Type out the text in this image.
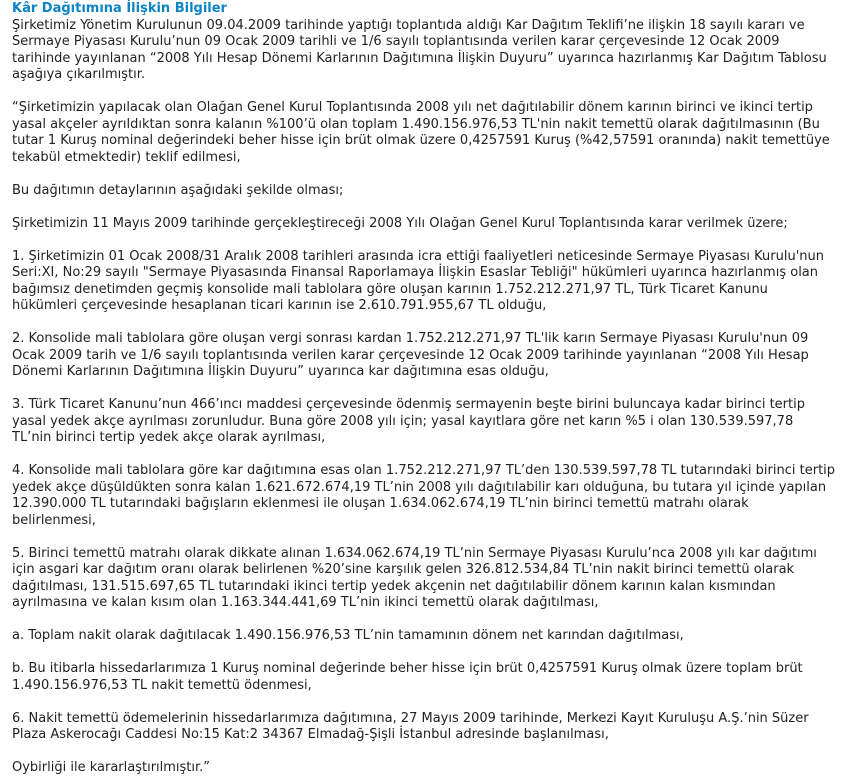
Kâr Dağıtımına İlişkin Bilgiler

Şirketimiz Yönetim Kurulunun 09.04.2009 tarihinde yaptığı toplantıda aldığı Kar Dağıtım Teklifi’ne ilişkin 18 sayılı kararı ve Sermaye Piyasası Kurulu’nun 09 Ocak 2009 tarihli ve 1/6 sayılı toplantısında verilen karar çerçevesinde 12 Ocak 2009 tarihinde yayınlanan “2008 Yılı Hesap Dönemi Karlarının Dağıtımına İlişkin Duyuru” uyarınca hazırlanmış Kar Dağıtım Tablosu aşağıya çıkarılmıştır.

“Şirketimizin yapılacak olan Olağan Genel Kurul Toplantısında 2008 yılı net dağıtılabilir dönem karının birinci ve ikinci tertip yasal akçeler ayrıldıktan sonra kalanın %100’ü olan toplam 1.490.156.976,53 TL'nin nakit temettü olarak dağıtılmasının (Bu tutar 1 Kuruş nominal değerindeki beher hisse için brüt olmak üzere 0,4257591 Kuruş (%42,57591 oranında) nakit temettüye tekabül etmektedir) teklif edilmesi,

Bu dağıtımın detaylarının aşağıdaki şekilde olması;

Şirketimizin 11 Mayıs 2009 tarihinde gerçekleştireceği 2008 Yılı Olağan Genel Kurul Toplantısında karar verilmek üzere;

1. Şirketimizin 01 Ocak 2008/31 Aralık 2008 tarihleri arasında icra ettiği faaliyetleri neticesinde Sermaye Piyasası Kurulu'nun Seri:XI, No:29 sayılı "Sermaye Piyasasında Finansal Raporlamaya İlişkin Esaslar Tebliği" hükümleri uyarınca hazırlanmış olan bağımsız denetimden geçmiş konsolide mali tablolara göre oluşan karının 1.752.212.271,97 TL, Türk Ticaret Kanunu hükümleri çerçevesinde hesaplanan ticari karının ise 2.610.791.955,67 TL olduğu,

2. Konsolide mali tablolara göre oluşan vergi sonrası kardan 1.752.212.271,97 TL'lik karın Sermaye Piyasası Kurulu'nun 09 Ocak 2009 tarih ve 1/6 sayılı toplantısında verilen karar çerçevesinde 12 Ocak 2009 tarihinde yayınlanan “2008 Yılı Hesap Dönemi Karlarının Dağıtımına İlişkin Duyuru” uyarınca kar dağıtımına esas olduğu,

3. Türk Ticaret Kanunu’nun 466’ıncı maddesi çerçevesinde ödenmiş sermayenin beşte birini buluncaya kadar birinci tertip yasal yedek akçe ayrılması zorunludur. Buna göre 2008 yılı için; yasal kayıtlara göre net karın %5 i olan 130.539.597,78 TL’nin birinci tertip yedek akçe olarak ayrılması,

4. Konsolide mali tablolara göre kar dağıtımına esas olan 1.752.212.271,97 TL’den 130.539.597,78 TL tutarındaki birinci tertip yedek akçe düşüldükten sonra kalan 1.621.672.674,19 TL’nin 2008 yılı dağıtılabilir karı olduğuna, bu tutara yıl içinde yapılan 12.390.000 TL tutarındaki bağışların eklenmesi ile oluşan 1.634.062.674,19 TL’nin birinci temettü matrahı olarak belirlenmesi,

5. Birinci temettü matrahı olarak dikkate alınan 1.634.062.674,19 TL’nin Sermaye Piyasası Kurulu’nca 2008 yılı kar dağıtımı için asgari kar dağıtım oranı olarak belirlenen %20’sine karşılık gelen 326.812.534,84 TL’nin nakit birinci temettü olarak dağıtılması, 131.515.697,65 TL tutarındaki ikinci tertip yedek akçenin net dağıtılabilir dönem karının kalan kısmından ayrılmasına ve kalan kısım olan 1.163.344.441,69 TL’nin ikinci temettü olarak dağıtılması,

a. Toplam nakit olarak dağıtılacak 1.490.156.976,53 TL’nin tamamının dönem net karından dağıtılması,

b. Bu itibarla hissedarlarımıza 1 Kuruş nominal değerinde beher hisse için brüt 0,4257591 Kuruş olmak üzere toplam brüt 1.490.156.976,53 TL nakit temettü ödenmesi,

6. Nakit temettü ödemelerinin hissedarlarımıza dağıtımına, 27 Mayıs 2009 tarihinde, Merkezi Kayıt Kuruluşu A.Ş.’nin Süzer Plaza Askerocağı Caddesi No:15 Kat:2 34367 Elmadağ-Şişli İstanbul adresinde başlanılması,

Oybirliği ile kararlaştırılmıştır.”
